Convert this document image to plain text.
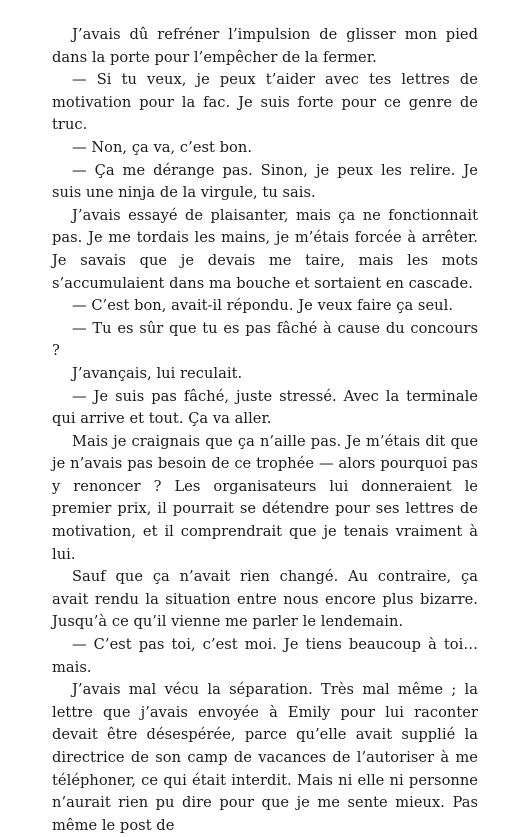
J’avais dû refréner l’impulsion de glisser mon pied dans la porte pour l’empêcher de la fermer.

— Si tu veux, je peux t’aider avec tes lettres de motivation pour la fac. Je suis forte pour ce genre de truc.

— Non, ça va, c’est bon.

— Ça me dérange pas. Sinon, je peux les relire. Je suis une ninja de la virgule, tu sais.

J’avais essayé de plaisanter, mais ça ne fonctionnait pas. Je me tordais les mains, je m’étais forcée à arrêter. Je savais que je devais me taire, mais les mots s’accumulaient dans ma bouche et sortaient en cascade.

— C’est bon, avait-il répondu. Je veux faire ça seul.

— Tu es sûr que tu es pas fâché à cause du concours ?

J’avançais, lui reculait.

— Je suis pas fâché, juste stressé. Avec la terminale qui arrive et tout. Ça va aller.

Mais je craignais que ça n’aille pas. Je m’étais dit que je n’avais pas besoin de ce trophée — alors pourquoi pas y renoncer ? Les organisateurs lui donneraient le premier prix, il pourrait se détendre pour ses lettres de motivation, et il comprendrait que je tenais vraiment à lui.

Sauf que ça n’avait rien changé. Au contraire, ça avait rendu la situation entre nous encore plus bizarre. Jusqu’à ce qu’il vienne me parler le lendemain.

— C’est pas toi, c’est moi. Je tiens beaucoup à toi… mais.

J’avais mal vécu la séparation. Très mal même ; la lettre que j’avais envoyée à Emily pour lui raconter devait être désespérée, parce qu’elle avait supplié la directrice de son camp de vacances de l’autoriser à me téléphoner, ce qui était interdit. Mais ni elle ni personne n’aurait rien pu dire pour que je me sente mieux. Pas même le post de
